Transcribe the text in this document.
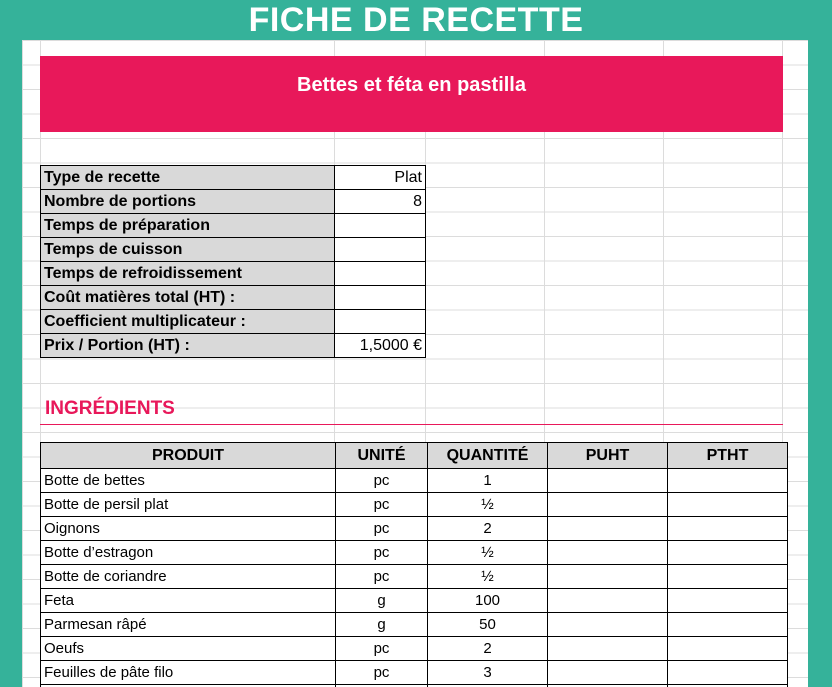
FICHE DE RECETTE
Bettes et féta en pastilla
Type de recette	Plat
Nombre de portions	8
Temps de préparation	
Temps de cuisson	
Temps de refroidissement	
Coût matières total (HT) :	
Coefficient multiplicateur :	
Prix / Portion (HT) :	1,5000 €
INGRÉDIENTS
PRODUIT	UNITÉ	QUANTITÉ	PUHT	PTHT
Botte de bettes	pc	1		
Botte de persil plat	pc	½		
Oignons	pc	2		
Botte d’estragon	pc	½		
Botte de coriandre	pc	½		
Feta	g	100		
Parmesan râpé	g	50		
Oeufs	pc	2		
Feuilles de pâte filo	pc	3		
